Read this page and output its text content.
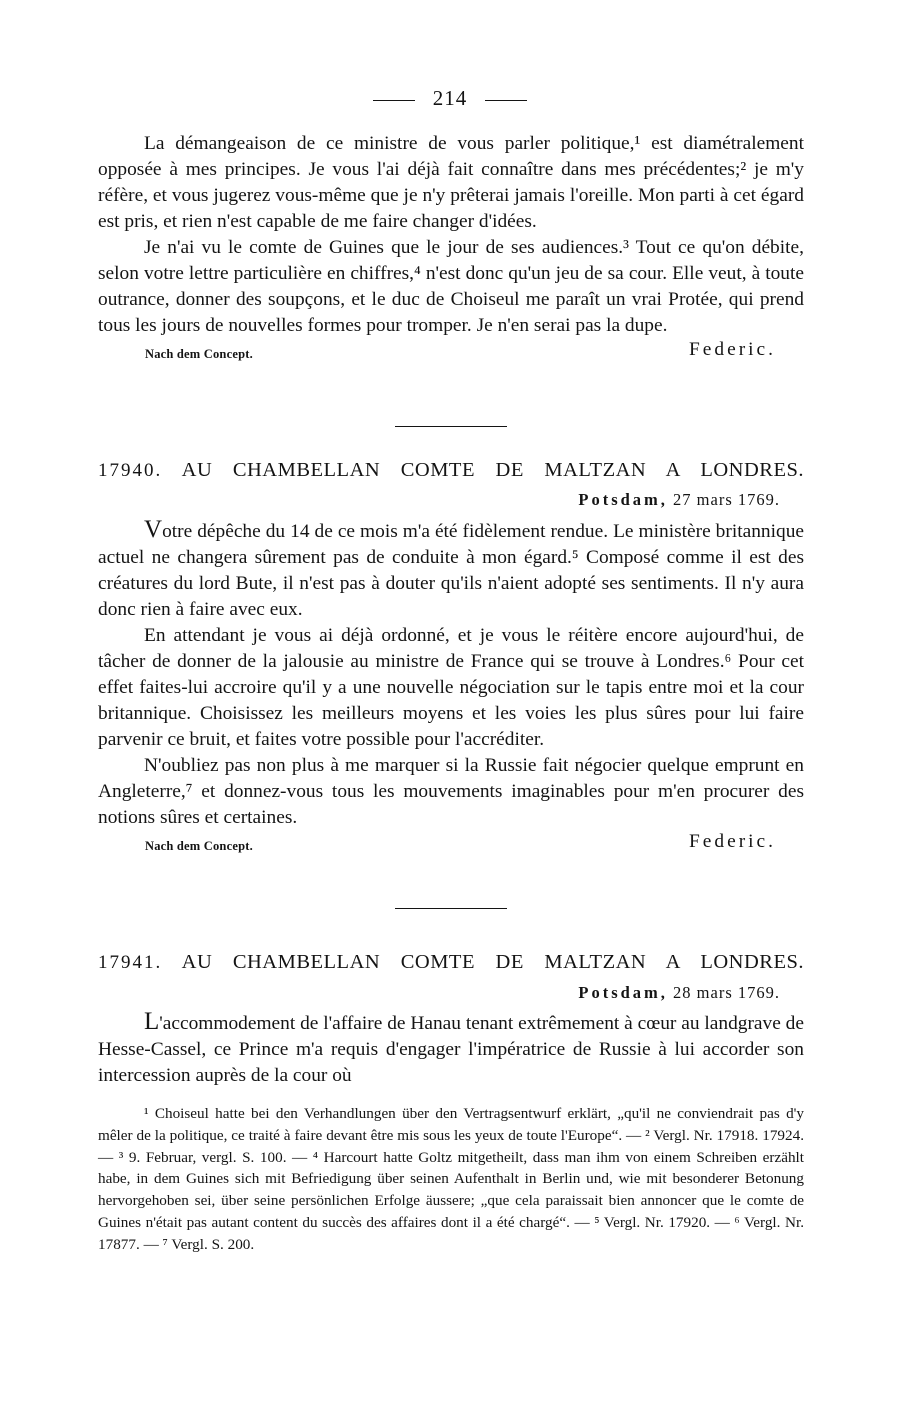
214

La démangeaison de ce ministre de vous parler politique,¹ est diamétralement opposée à mes principes. Je vous l'ai déjà fait connaître dans mes précédentes;² je m'y réfère, et vous jugerez vous-même que je n'y prêterai jamais l'oreille. Mon parti à cet égard est pris, et rien n'est capable de me faire changer d'idées.

Je n'ai vu le comte de Guines que le jour de ses audiences.³ Tout ce qu'on débite, selon votre lettre particulière en chiffres,⁴ n'est donc qu'un jeu de sa cour. Elle veut, à toute outrance, donner des soupçons, et le duc de Choiseul me paraît un vrai Protée, qui prend tous les jours de nouvelles formes pour tromper. Je n'en serai pas la dupe.

Nach dem Concept.	Federic.
17940. AU CHAMBELLAN COMTE DE MALTZAN A LONDRES.
Potsdam, 27 mars 1769.

Votre dépêche du 14 de ce mois m'a été fidèlement rendue. Le ministère britannique actuel ne changera sûrement pas de conduite à mon égard.⁵ Composé comme il est des créatures du lord Bute, il n'est pas à douter qu'ils n'aient adopté ses sentiments. Il n'y aura donc rien à faire avec eux.

En attendant je vous ai déjà ordonné, et je vous le réitère encore aujourd'hui, de tâcher de donner de la jalousie au ministre de France qui se trouve à Londres.⁶ Pour cet effet faites-lui accroire qu'il y a une nouvelle négociation sur le tapis entre moi et la cour britannique. Choisissez les meilleurs moyens et les voies les plus sûres pour lui faire parvenir ce bruit, et faites votre possible pour l'accréditer.

N'oubliez pas non plus à me marquer si la Russie fait négocier quelque emprunt en Angleterre,⁷ et donnez-vous tous les mouvements imaginables pour m'en procurer des notions sûres et certaines.

Nach dem Concept.	Federic.
17941. AU CHAMBELLAN COMTE DE MALTZAN A LONDRES.
Potsdam, 28 mars 1769.

L'accommodement de l'affaire de Hanau tenant extrêmement à cœur au landgrave de Hesse-Cassel, ce Prince m'a requis d'engager l'impératrice de Russie à lui accorder son intercession auprès de la cour où

¹ Choiseul hatte bei den Verhandlungen über den Vertragsentwurf erklärt, „qu'il ne conviendrait pas d'y mêler de la politique, ce traité à faire devant être mis sous les yeux de toute l'Europe“. — ² Vergl. Nr. 17918. 17924. — ³ 9. Februar, vergl. S. 100. — ⁴ Harcourt hatte Goltz mitgetheilt, dass man ihm von einem Schreiben erzählt habe, in dem Guines sich mit Befriedigung über seinen Aufenthalt in Berlin und, wie mit besonderer Betonung hervorgehoben sei, über seine persönlichen Erfolge äussere; „que cela paraissait bien annoncer que le comte de Guines n'était pas autant content du succès des affaires dont il a été chargé“. — ⁵ Vergl. Nr. 17920. — ⁶ Vergl. Nr. 17877. — ⁷ Vergl. S. 200.
